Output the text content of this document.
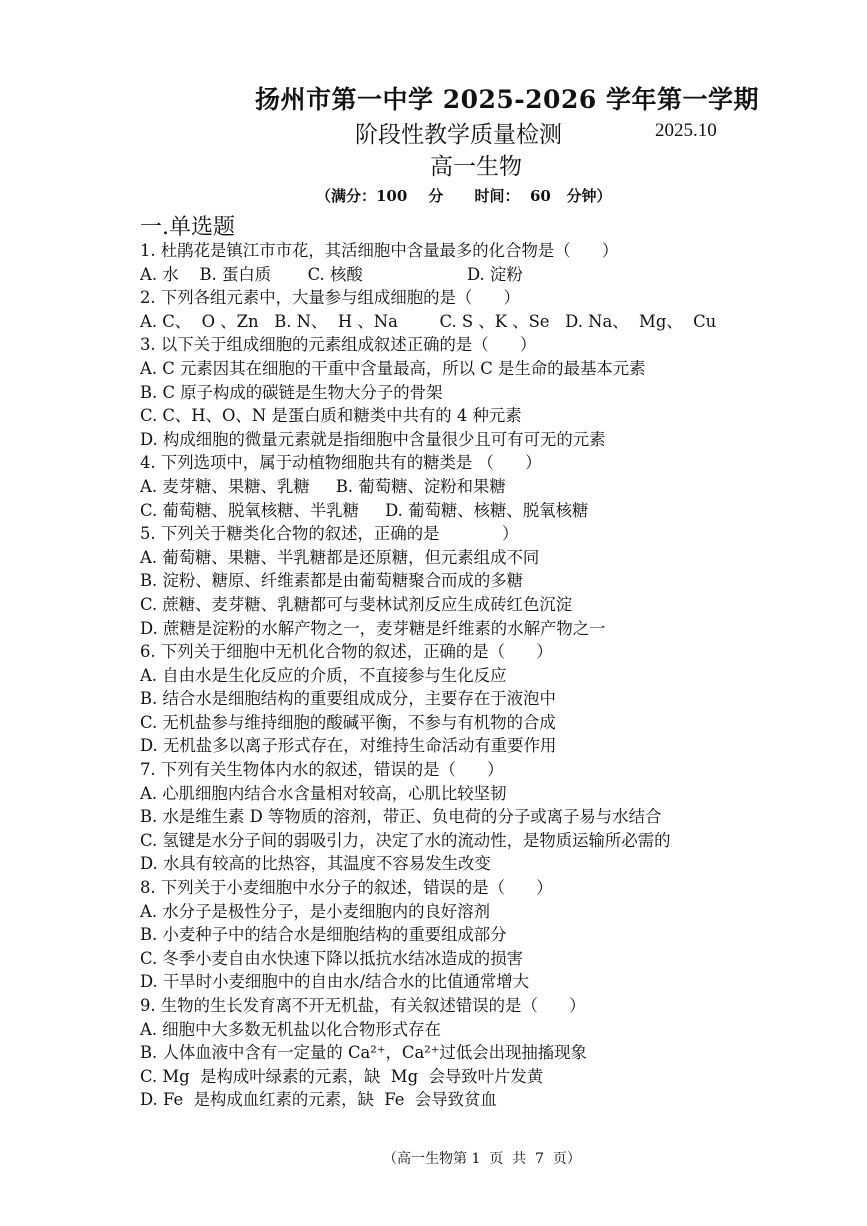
扬州市第一中学 2025-2026 学年第一学期
阶段性教学质量检测	2025.10
高一生物
（满分：100    分      时间：  60   分钟）
一.单选题
1. 杜鹃花是镇江市市花，其活细胞中含量最多的化合物是（      ）
A. 水    B. 蛋白质       C. 核酸                    D. 淀粉
2. 下列各组元素中，大量参与组成细胞的是（      ）
A. C、  O 、Zn   B. N、  H 、Na        C. S 、K 、Se   D. Na、  Mg、  Cu
3. 以下关于组成细胞的元素组成叙述正确的是（      ）
A. C 元素因其在细胞的干重中含量最高，所以 C 是生命的最基本元素
B. C 原子构成的碳链是生物大分子的骨架
C. C、H、O、N 是蛋白质和糖类中共有的 4 种元素
D. 构成细胞的微量元素就是指细胞中含量很少且可有可无的元素
4. 下列选项中，属于动植物细胞共有的糖类是 （      ）
A. 麦芽糖、果糖、乳糖     B. 葡萄糖、淀粉和果糖
C. 葡萄糖、脱氧核糖、半乳糖     D. 葡萄糖、核糖、脱氧核糖
5. 下列关于糖类化合物的叙述，正确的是            ）
A. 葡萄糖、果糖、半乳糖都是还原糖，但元素组成不同
B. 淀粉、糖原、纤维素都是由葡萄糖聚合而成的多糖
C. 蔗糖、麦芽糖、乳糖都可与斐林试剂反应生成砖红色沉淀
D. 蔗糖是淀粉的水解产物之一，麦芽糖是纤维素的水解产物之一
6. 下列关于细胞中无机化合物的叙述，正确的是（      ）
A. 自由水是生化反应的介质，不直接参与生化反应
B. 结合水是细胞结构的重要组成成分，主要存在于液泡中
C. 无机盐参与维持细胞的酸碱平衡，不参与有机物的合成
D. 无机盐多以离子形式存在，对维持生命活动有重要作用
7. 下列有关生物体内水的叙述，错误的是（      ）
A. 心肌细胞内结合水含量相对较高，心肌比较坚韧
B. 水是维生素 D 等物质的溶剂，带正、负电荷的分子或离子易与水结合
C. 氢键是水分子间的弱吸引力，决定了水的流动性，是物质运输所必需的
D. 水具有较高的比热容，其温度不容易发生改变
8. 下列关于小麦细胞中水分子的叙述，错误的是（      ）
A. 水分子是极性分子，是小麦细胞内的良好溶剂
B. 小麦种子中的结合水是细胞结构的重要组成部分
C. 冬季小麦自由水快速下降以抵抗水结冰造成的损害
D. 干旱时小麦细胞中的自由水/结合水的比值通常增大
9. 生物的生长发育离不开无机盐，有关叙述错误的是（      ）
A. 细胞中大多数无机盐以化合物形式存在
B. 人体血液中含有一定量的 Ca²⁺，Ca²⁺过低会出现抽搐现象
C. Mg  是构成叶绿素的元素，缺  Mg  会导致叶片发黄
D. Fe  是构成血红素的元素，缺  Fe  会导致贫血
（高一生物第 1  页  共  7  页）
